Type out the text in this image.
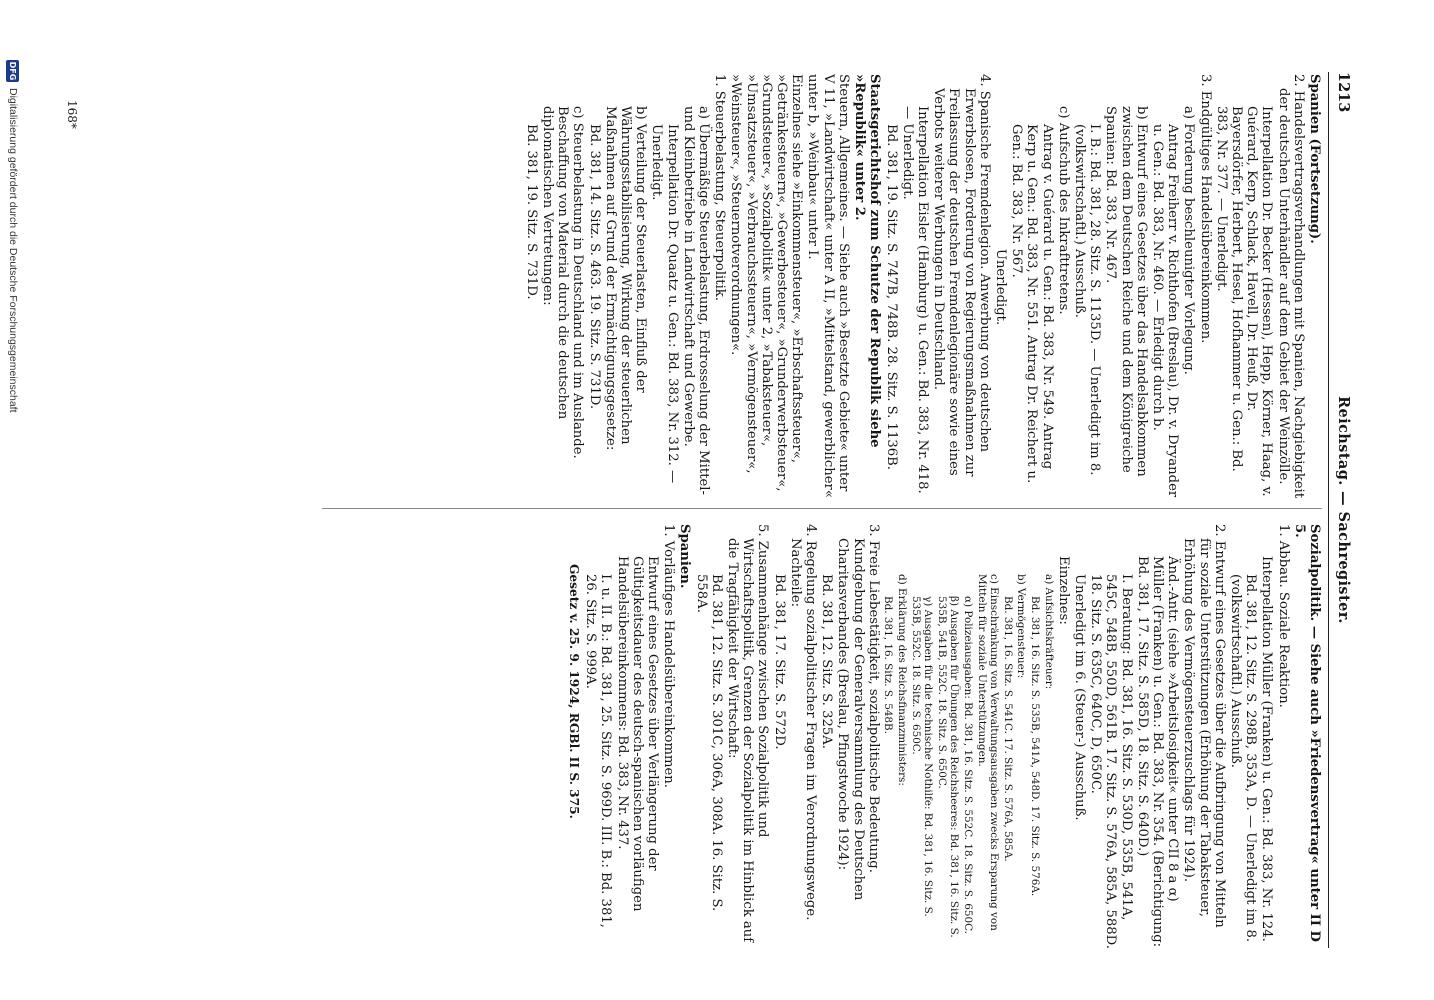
1213
Reichstag. — Sachregister.
Spanien (Fortsetzung).
2. Handelsvertragsverhandlungen mit Spanien, Nachgiebigkeit der deutschen Unterhändler auf dem Gebiet der Weinzölle.
Interpellation Dr. Becker (Hessen), Hepp, Körner, Haag, v. Guérard, Kerp, Schlack, Havell, Dr. Heuß, Dr. Bayersdörfer, Herbert, Hesel, Hofhammer u. Gen.: Bd. 383, Nr. 377. — Unerledigt.
3. Endgültiges Handelsübereinkommen.
a) Forderung beschleunigter Vorlegung.
Antrag Freiherr v. Richthofen (Breslau), Dr. v. Dryander u. Gen.: Bd. 383, Nr. 460. — Erledigt durch b.
b) Entwurf eines Gesetzes über das Handelsabkommen zwischen dem Deutschen Reiche und dem Königreiche Spanien: Bd. 383, Nr. 467.
I. B.: Bd. 381, 28. Sitz. S. 1135D. — Unerledigt im 8. (volkswirtschaftl.) Ausschuß.
c) Aufschub des Inkrafttretens.
Antrag v. Guérard u. Gen.: Bd. 383, Nr. 549. Antrag Kerp u. Gen.: Bd. 383, Nr. 551. Antrag Dr. Reichert u. Gen.: Bd. 383, Nr. 567.
Unerledigt.
4. Spanische Fremdenlegion. Anwerbung von deutschen Erwerbslosen, Forderung von Regierungsmaßnahmen zur Freilassung der deutschen Fremdenlegionäre sowie eines Verbots weiterer Werbungen in Deutschland.
Interpellation Eisler (Hamburg) u. Gen.: Bd. 383, Nr. 418. — Unerledigt.
Bd. 381, 19. Sitz. S. 747B, 748B. 28. Sitz. S. 1136B.
Staatsgerichtshof zum Schutze der Republik siehe »Republik« unter 2.
Steuern, Allgemeines. — Siehe auch »Besetzte Gebiete« unter V 11, »Landwirtschaft« unter A II, »Mittelstand, gewerblicher« unter b, »Weinbau« unter I.
Einzelnes siehe »Einkommensteuer«, »Erbschaftssteuer«, »Getränkesteuern«, »Gewerbesteuer«, »Grunderwerbsteuer«, »Grundsteuer«, »Sozialpolitik« unter 2, »Tabaksteuer«, »Umsatzsteuer«, »Verbrauchssteuern«, »Vermögensteuer«, »Weinsteuer«, »Steuernotverordnungen«.
1. Steuerbelastung, Steuerpolitik.
a) Übermäßige Steuerbelastung, Erdrosselung der Mittel- und Kleinbetriebe in Landwirtschaft und Gewerbe.
Interpellation Dr. Quaatz u. Gen.: Bd. 383, Nr. 312. — Unerledigt.
b) Verteilung der Steuerlasten, Einfluß der Währungsstabilisierung, Wirkung der steuerlichen Maßnahmen auf Grund der Ermächtigungsgesetze:
Bd. 381, 14. Sitz. S. 463. 19. Sitz. S. 731D.
c) Steuerbelastung in Deutschland und im Auslande. Beschaffung von Material durch die deutschen diplomatischen Vertretungen:
Bd. 381, 19. Sitz. S. 731D.
Sozialpolitik. — Siehe auch »Friedensvertrag« unter II D 5.
1. Abbau. Soziale Reaktion.
Interpellation Müller (Franken) u. Gen.: Bd. 383, Nr. 124.
Bd. 381, 12. Sitz. S. 298B, 353A, D. — Unerledigt im 8. (volkswirtschaftl.) Ausschuß.
2. Entwurf eines Gesetzes über die Aufbringung von Mitteln für soziale Unterstützungen (Erhöhung der Tabaksteuer, Erhöhung des Vermögensteuerzuschlags für 1924).
Änd.-Antr. (siehe »Arbeitslosigkeit« unter CII 8 a α) Müller (Franken) u. Gen.: Bd. 383, Nr. 354. (Berichtigung: Bd. 381, 17. Sitz. S. 585D, 18. Sitz. S. 640D.)
I. Beratung: Bd. 381, 16. Sitz. S. 530D, 535B, 541A, 545C, 548B, 550D, 561B. 17. Sitz. S. 576A, 585A, 588D. 18. Sitz. S. 635C, 640C, D, 650C.
Unerledigt im 6. (Steuer-) Ausschuß.
Einzelnes:
a) Aufsichtskräfteuer:
Bd. 381, 16. Sitz. S. 535B, 541A, 548D. 17. Sitz. S. 576A.
b) Vermögensteuer:
Bd. 381, 16. Sitz. S. 541C. 17. Sitz. S. 576A, 585A.
c) Einschränkung von Verwaltungsausgaben zwecks Ersparung von Mitteln für soziale Unterstützungen.
α) Polizeiausgaben: Bd. 381, 16. Sitz. S. 552C. 18. Sitz. S. 650C.
β) Ausgaben für Übungen des Reichsheeres: Bd. 381, 16. Sitz. S. 535B, 541B, 552C. 18. Sitz. S. 650C.
γ) Ausgaben für die technische Nothilfe: Bd. 381, 16. Sitz. S. 535B, 552C. 18. Sitz. S. 650C.
d) Erklärung des Reichsfinanzministers:
Bd. 381, 16. Sitz. S. 548B.
3. Freie Liebestätigkeit, sozialpolitische Bedeutung. Kundgebung der Generalversammlung des Deutschen Charitasverbandes (Breslau, Pfingstwoche 1924):
Bd. 381, 12. Sitz. S. 325A.
4. Regelung sozialpolitischer Fragen im Verordnungswege. Nachteile:
Bd. 381, 17. Sitz. S. 572D.
5. Zusammenhänge zwischen Sozialpolitik und Wirtschaftspolitik, Grenzen der Sozialpolitik im Hinblick auf die Tragfähigkeit der Wirtschaft:
Bd. 381, 12. Sitz. S. 301C, 306A, 308A. 16. Sitz. S. 558A.
Spanien.
1. Vorläufiges Handelsübereinkommen.
Entwurf eines Gesetzes über Verlängerung der Gültigkeitsdauer des deutsch-spanischen vorläufigen Handelsübereinkommens: Bd. 383, Nr. 437.
I. u. II. B.: Bd. 381, 25. Sitz. S. 969D. III. B.: Bd. 381, 26. Sitz. S. 999A.
Gesetz v. 25. 9. 1924, RGBl. II S. 375.
168*
DFG
Digitalisierung gefördert durch die Deutsche Forschungsgemeinschaft
